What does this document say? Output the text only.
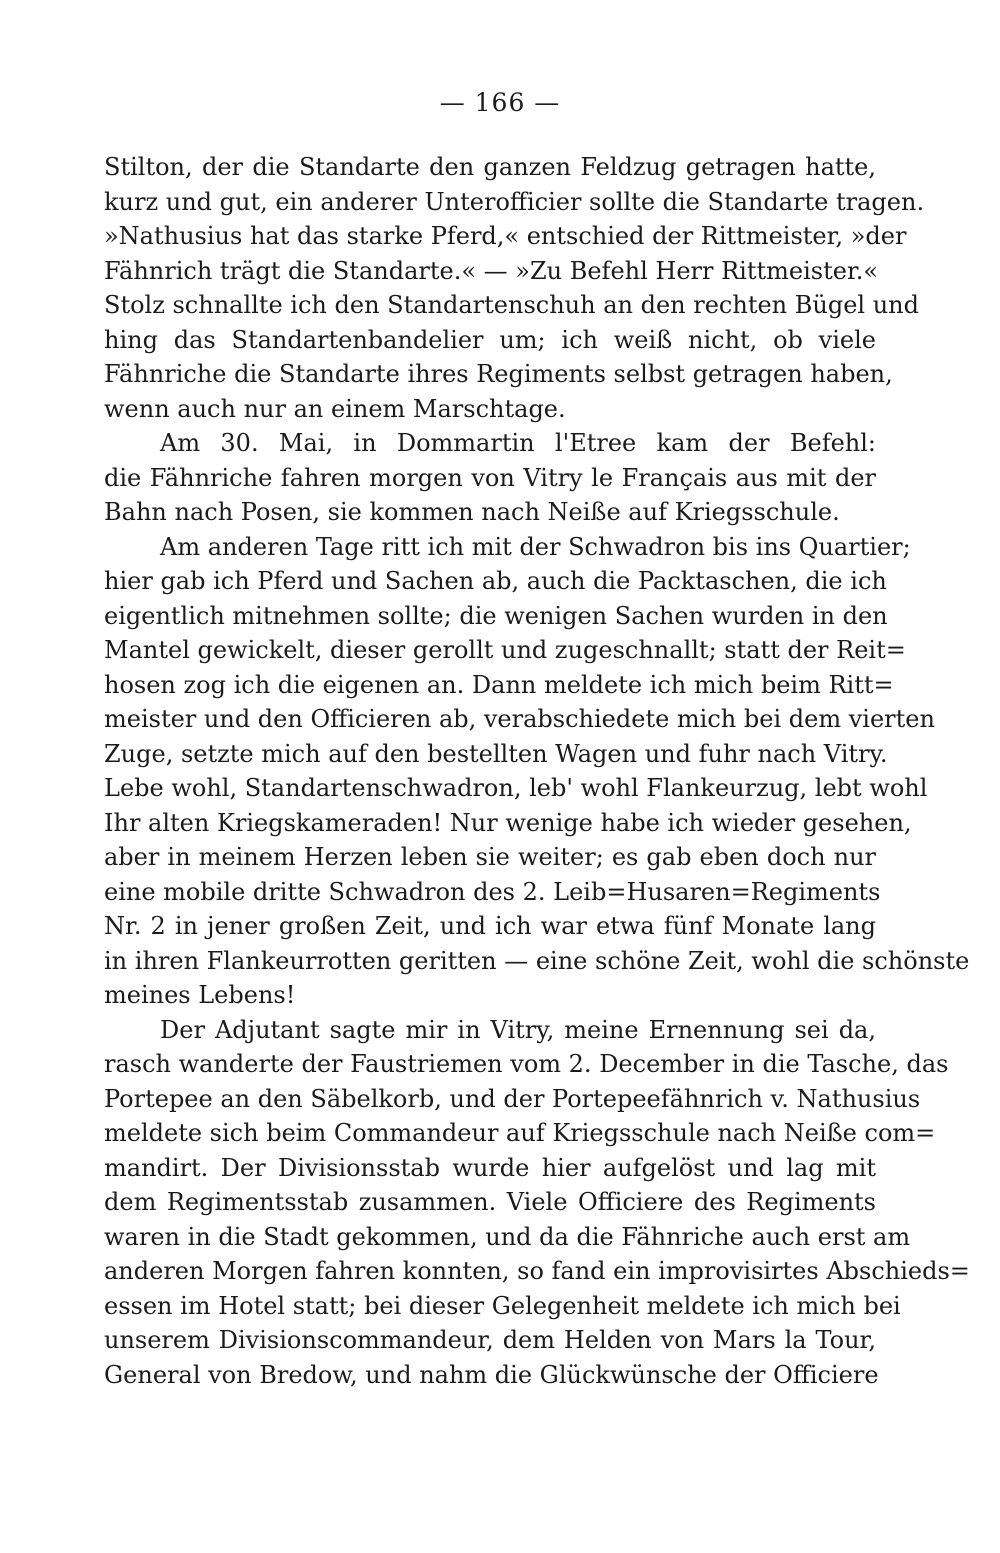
— 166 —
Stilton, der die Standarte den ganzen Feldzug getragen hatte,
kurz und gut, ein anderer Unterofficier sollte die Standarte tragen.
»Nathusius hat das starke Pferd,« entschied der Rittmeister, »der
Fähnrich trägt die Standarte.« — »Zu Befehl Herr Rittmeister.«
Stolz schnallte ich den Standartenschuh an den rechten Bügel und
hing das Standartenbandelier um; ich weiß nicht, ob viele
Fähnriche die Standarte ihres Regiments selbst getragen haben,
wenn auch nur an einem Marschtage.
Am 30. Mai, in Dommartin l'Etree kam der Befehl:
die Fähnriche fahren morgen von Vitry le Français aus mit der
Bahn nach Posen, sie kommen nach Neiße auf Kriegsschule.
Am anderen Tage ritt ich mit der Schwadron bis ins Quartier;
hier gab ich Pferd und Sachen ab, auch die Packtaschen, die ich
eigentlich mitnehmen sollte; die wenigen Sachen wurden in den
Mantel gewickelt, dieser gerollt und zugeschnallt; statt der Reit=
hosen zog ich die eigenen an. Dann meldete ich mich beim Ritt=
meister und den Officieren ab, verabschiedete mich bei dem vierten
Zuge, setzte mich auf den bestellten Wagen und fuhr nach Vitry.
Lebe wohl, Standartenschwadron, leb' wohl Flankeurzug, lebt wohl
Ihr alten Kriegskameraden! Nur wenige habe ich wieder gesehen,
aber in meinem Herzen leben sie weiter; es gab eben doch nur
eine mobile dritte Schwadron des 2. Leib=Husaren=Regiments
Nr. 2 in jener großen Zeit, und ich war etwa fünf Monate lang
in ihren Flankeurrotten geritten — eine schöne Zeit, wohl die schönste
meines Lebens!
Der Adjutant sagte mir in Vitry, meine Ernennung sei da,
rasch wanderte der Faustriemen vom 2. December in die Tasche, das
Portepee an den Säbelkorb, und der Portepeefähnrich v. Nathusius
meldete sich beim Commandeur auf Kriegsschule nach Neiße com=
mandirt. Der Divisionsstab wurde hier aufgelöst und lag mit
dem Regimentsstab zusammen. Viele Officiere des Regiments
waren in die Stadt gekommen, und da die Fähnriche auch erst am
anderen Morgen fahren konnten, so fand ein improvisirtes Abschieds=
essen im Hotel statt; bei dieser Gelegenheit meldete ich mich bei
unserem Divisionscommandeur, dem Helden von Mars la Tour,
General von Bredow, und nahm die Glückwünsche der Officiere
